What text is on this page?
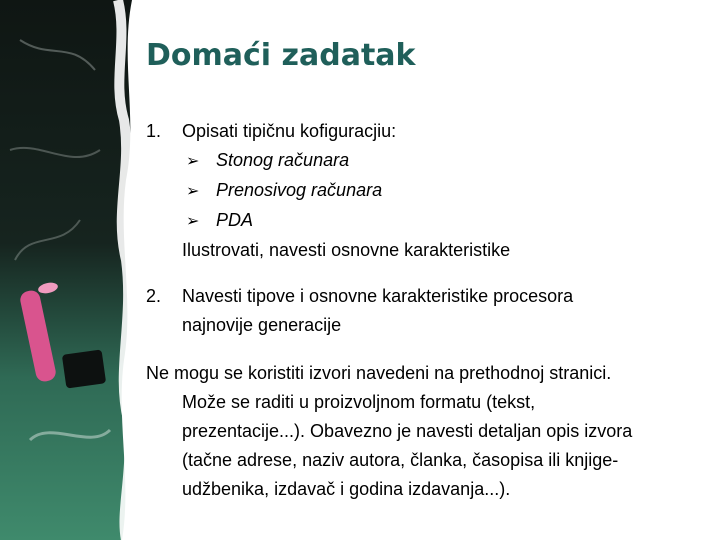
Domaći zadatak
1. Opisati tipičnu kofiguracjiu:
➢ Stonog računara
➢ Prenosivog računara
➢ PDA
Ilustrovati, navesti osnovne karakteristike
2. Navesti tipove i osnovne karakteristike procesora
najnovije generacije
Ne mogu se koristiti izvori navedeni na prethodnoj stranici.
Može se raditi u proizvoljnom formatu (tekst,
prezentacije...). Obavezno je navesti detaljan opis izvora
(tačne adrese, naziv autora, članka, časopisa ili knjige-
udžbenika, izdavač i godina izdavanja...).
